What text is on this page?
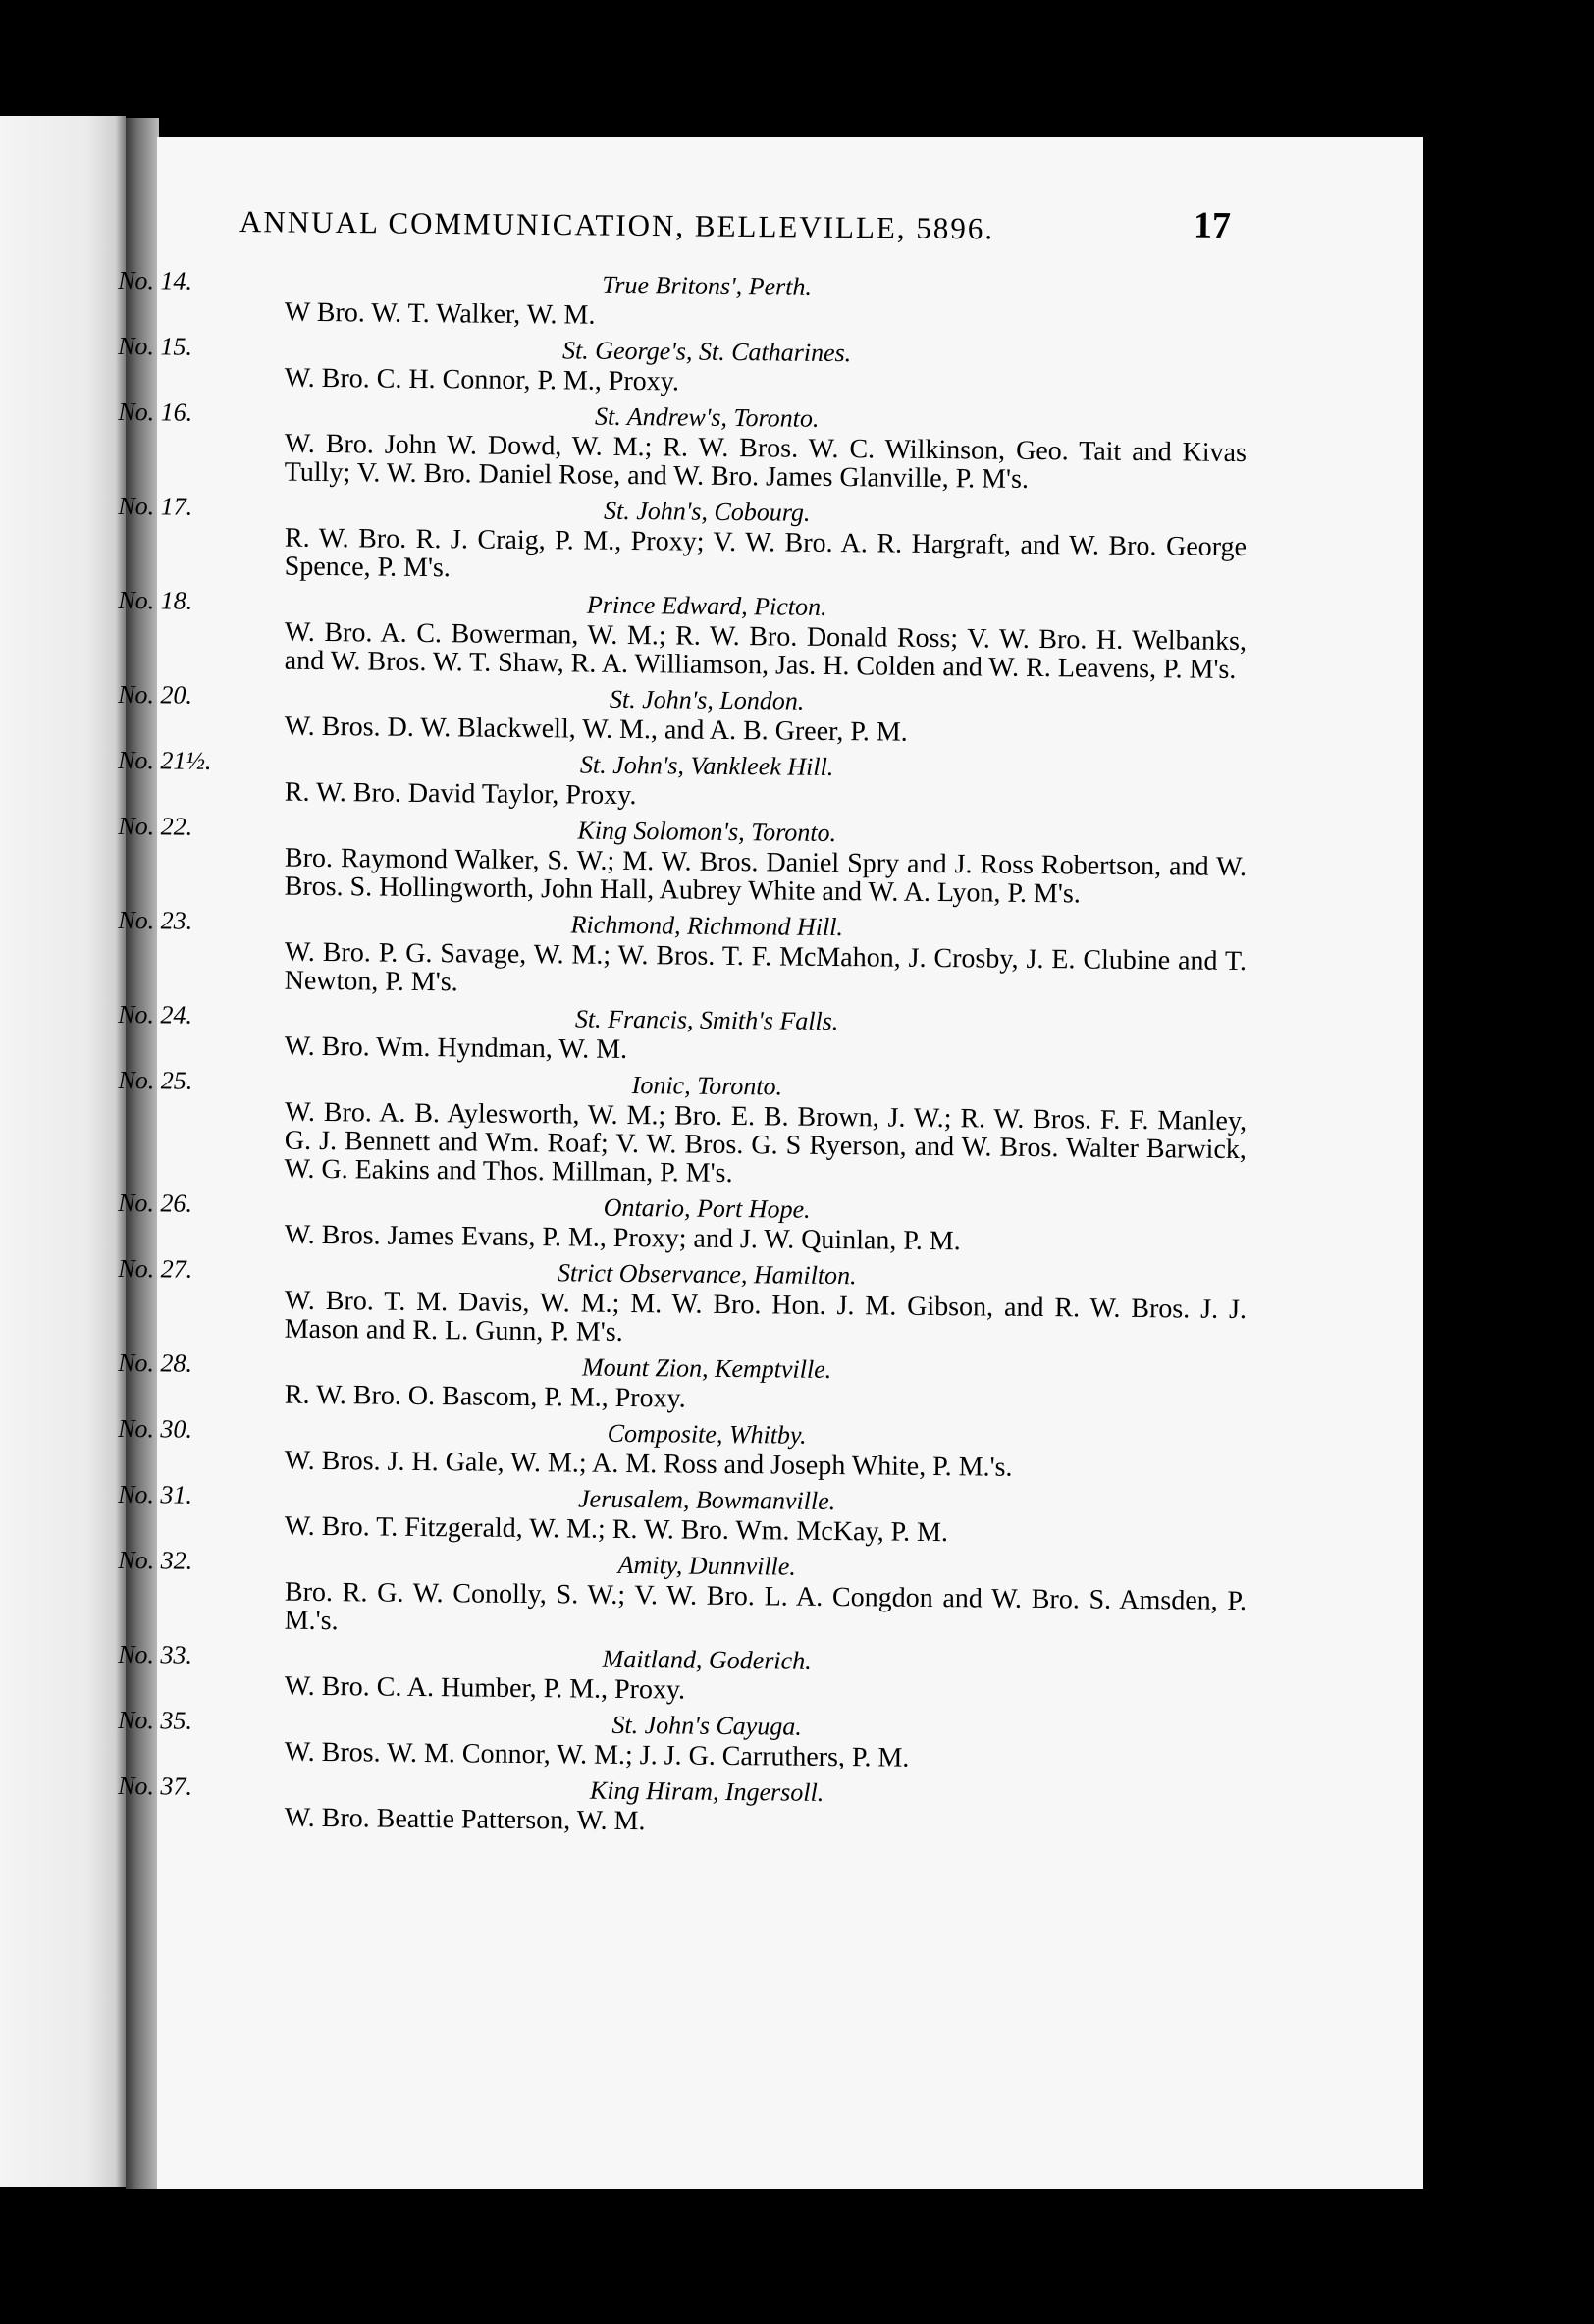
ANNUAL COMMUNICATION, BELLEVILLE, 5896.	17
No. 14.	True Britons', Perth.
W Bro. W. T. Walker, W. M.
No. 15.	St. George's, St. Catharines.
W. Bro. C. H. Connor, P. M., Proxy.
No. 16.	St. Andrew's, Toronto.
W. Bro. John W. Dowd, W. M.; R. W. Bros. W. C. Wilkinson, Geo. Tait and Kivas Tully; V. W. Bro. Daniel Rose, and W. Bro. James Glanville, P. M's.
No. 17.	St. John's, Cobourg.
R. W. Bro. R. J. Craig, P. M., Proxy; V. W. Bro. A. R. Hargraft, and W. Bro. George Spence, P. M's.
No. 18.	Prince Edward, Picton.
W. Bro. A. C. Bowerman, W. M.; R. W. Bro. Donald Ross; V. W. Bro. H. Welbanks, and W. Bros. W. T. Shaw, R. A. Williamson, Jas. H. Colden and W. R. Leavens, P. M's.
No. 20.	St. John's, London.
W. Bros. D. W. Blackwell, W. M., and A. B. Greer, P. M.
No. 21½.	St. John's, Vankleek Hill.
R. W. Bro. David Taylor, Proxy.
No. 22.	King Solomon's, Toronto.
Bro. Raymond Walker, S. W.; M. W. Bros. Daniel Spry and J. Ross Robertson, and W. Bros. S. Hollingworth, John Hall, Aubrey White and W. A. Lyon, P. M's.
No. 23.	Richmond, Richmond Hill.
W. Bro. P. G. Savage, W. M.; W. Bros. T. F. McMahon, J. Crosby, J. E. Clubine and T. Newton, P. M's.
No. 24.	St. Francis, Smith's Falls.
W. Bro. Wm. Hyndman, W. M.
No. 25.	Ionic, Toronto.
W. Bro. A. B. Aylesworth, W. M.; Bro. E. B. Brown, J. W.; R. W. Bros. F. F. Manley, G. J. Bennett and Wm. Roaf; V. W. Bros. G. S Ryerson, and W. Bros. Walter Barwick, W. G. Eakins and Thos. Millman, P. M's.
No. 26.	Ontario, Port Hope.
W. Bros. James Evans, P. M., Proxy; and J. W. Quinlan, P. M.
No. 27.	Strict Observance, Hamilton.
W. Bro. T. M. Davis, W. M.; M. W. Bro. Hon. J. M. Gibson, and R. W. Bros. J. J. Mason and R. L. Gunn, P. M's.
No. 28.	Mount Zion, Kemptville.
R. W. Bro. O. Bascom, P. M., Proxy.
No. 30.	Composite, Whitby.
W. Bros. J. H. Gale, W. M.; A. M. Ross and Joseph White, P. M.'s.
No. 31.	Jerusalem, Bowmanville.
W. Bro. T. Fitzgerald, W. M.; R. W. Bro. Wm. McKay, P. M.
No. 32.	Amity, Dunnville.
Bro. R. G. W. Conolly, S. W.; V. W. Bro. L. A. Congdon and W. Bro. S. Amsden, P. M.'s.
No. 33.	Maitland, Goderich.
W. Bro. C. A. Humber, P. M., Proxy.
No. 35.	St. John's Cayuga.
W. Bros. W. M. Connor, W. M.; J. J. G. Carruthers, P. M.
No. 37.	King Hiram, Ingersoll.
W. Bro. Beattie Patterson, W. M.
